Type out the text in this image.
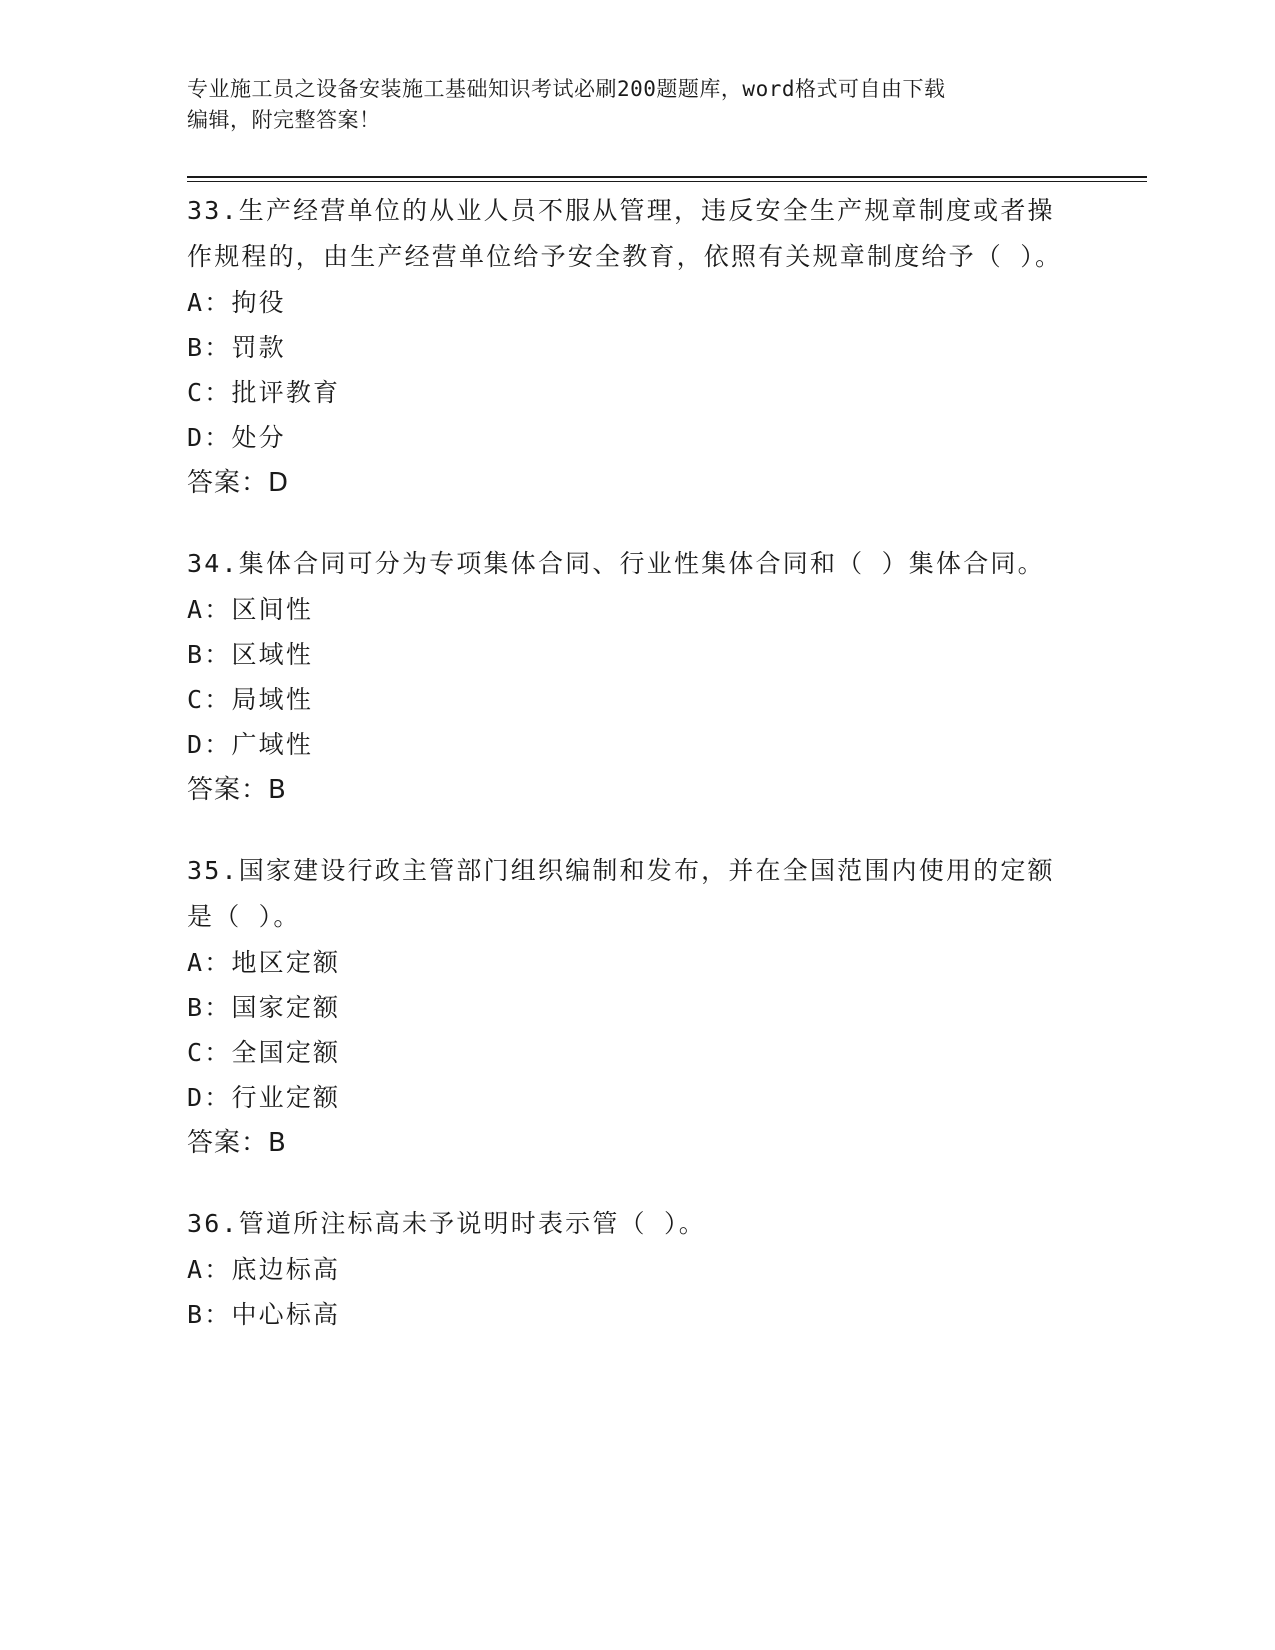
专业施工员之设备安装施工基础知识考试必刷200题题库，word格式可自由下载
编辑，附完整答案！
33.生产经营单位的从业人员不服从管理，违反安全生产规章制度或者操作规程的，由生产经营单位给予安全教育，依照有关规章制度给予（ ）。
A：拘役
B：罚款
C：批评教育
D：处分
答案：D
34.集体合同可分为专项集体合同、行业性集体合同和（ ）集体合同。
A：区间性
B：区域性
C：局域性
D：广域性
答案：B
35.国家建设行政主管部门组织编制和发布，并在全国范围内使用的定额是（ ）。
A：地区定额
B：国家定额
C：全国定额
D：行业定额
答案：B
36.管道所注标高未予说明时表示管（ ）。
A：底边标高
B：中心标高
